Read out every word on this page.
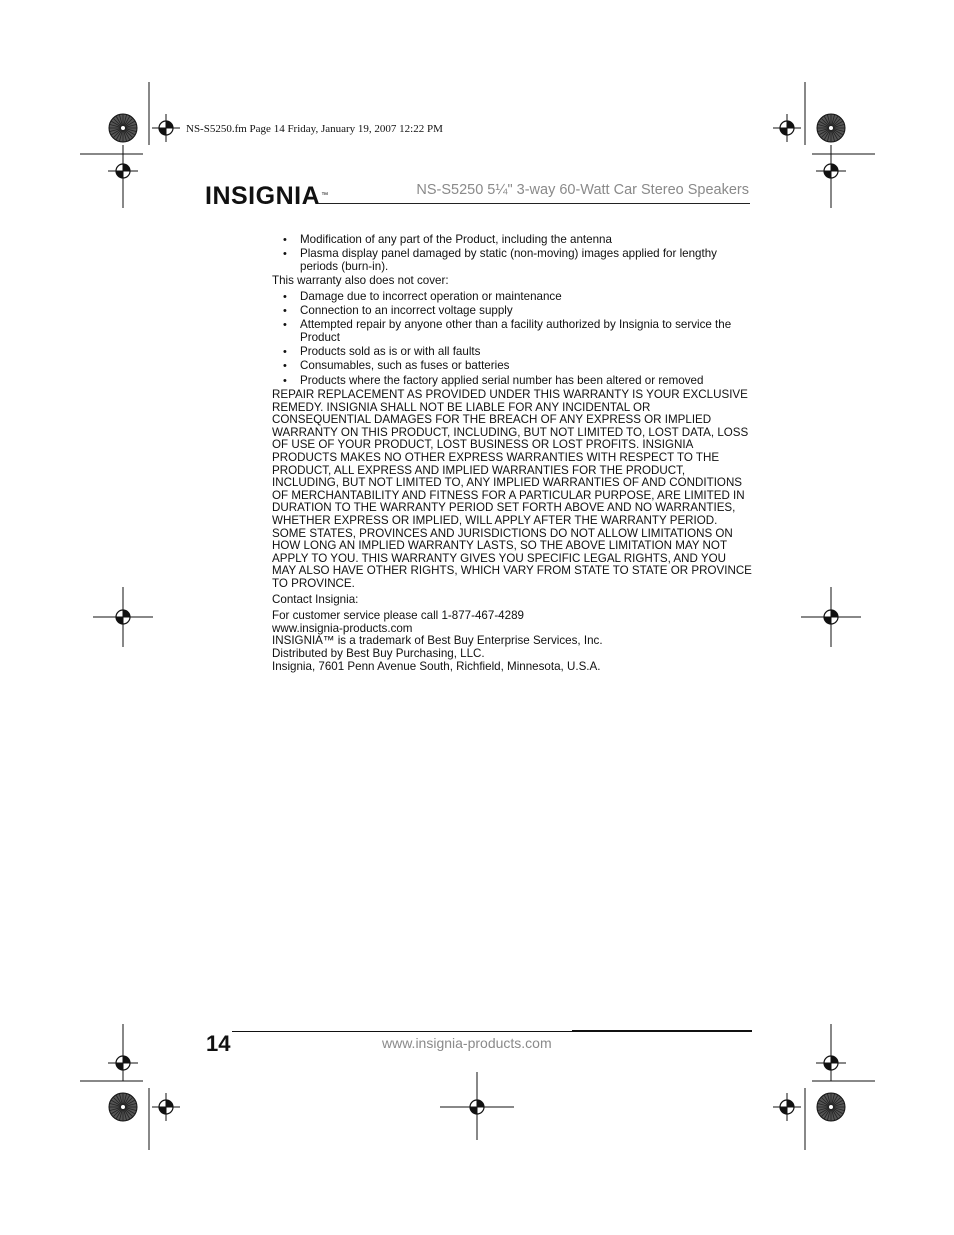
NS-S5250.fm Page 14 Friday, January 19, 2007 12:22 PM
INSIGNIA™	NS-S5250 5¼" 3-way 60-Watt Car Stereo Speakers
• Modification of any part of the Product, including the antenna
• Plasma display panel damaged by static (non-moving) images applied for lengthy periods (burn-in).

This warranty also does not cover:

• Damage due to incorrect operation or maintenance
• Connection to an incorrect voltage supply
• Attempted repair by anyone other than a facility authorized by Insignia to service the Product
• Products sold as is or with all faults
• Consumables, such as fuses or batteries
• Products where the factory applied serial number has been altered or removed

REPAIR REPLACEMENT AS PROVIDED UNDER THIS WARRANTY IS YOUR EXCLUSIVE REMEDY. INSIGNIA SHALL NOT BE LIABLE FOR ANY INCIDENTAL OR CONSEQUENTIAL DAMAGES FOR THE BREACH OF ANY EXPRESS OR IMPLIED WARRANTY ON THIS PRODUCT, INCLUDING, BUT NOT LIMITED TO, LOST DATA, LOSS OF USE OF YOUR PRODUCT, LOST BUSINESS OR LOST PROFITS. INSIGNIA PRODUCTS MAKES NO OTHER EXPRESS WARRANTIES WITH RESPECT TO THE PRODUCT, ALL EXPRESS AND IMPLIED WARRANTIES FOR THE PRODUCT, INCLUDING, BUT NOT LIMITED TO, ANY IMPLIED WARRANTIES OF AND CONDITIONS OF MERCHANTABILITY AND FITNESS FOR A PARTICULAR PURPOSE, ARE LIMITED IN DURATION TO THE WARRANTY PERIOD SET FORTH ABOVE AND NO WARRANTIES, WHETHER EXPRESS OR IMPLIED, WILL APPLY AFTER THE WARRANTY PERIOD. SOME STATES, PROVINCES AND JURISDICTIONS DO NOT ALLOW LIMITATIONS ON HOW LONG AN IMPLIED WARRANTY LASTS, SO THE ABOVE LIMITATION MAY NOT APPLY TO YOU. THIS WARRANTY GIVES YOU SPECIFIC LEGAL RIGHTS, AND YOU MAY ALSO HAVE OTHER RIGHTS, WHICH VARY FROM STATE TO STATE OR PROVINCE TO PROVINCE.

Contact Insignia:

For customer service please call 1-877-467-4289

www.insignia-products.com

INSIGNIA™ is a trademark of Best Buy Enterprise Services, Inc.

Distributed by Best Buy Purchasing, LLC.

Insignia, 7601 Penn Avenue South, Richfield, Minnesota, U.S.A.

14	www.insignia-products.com
